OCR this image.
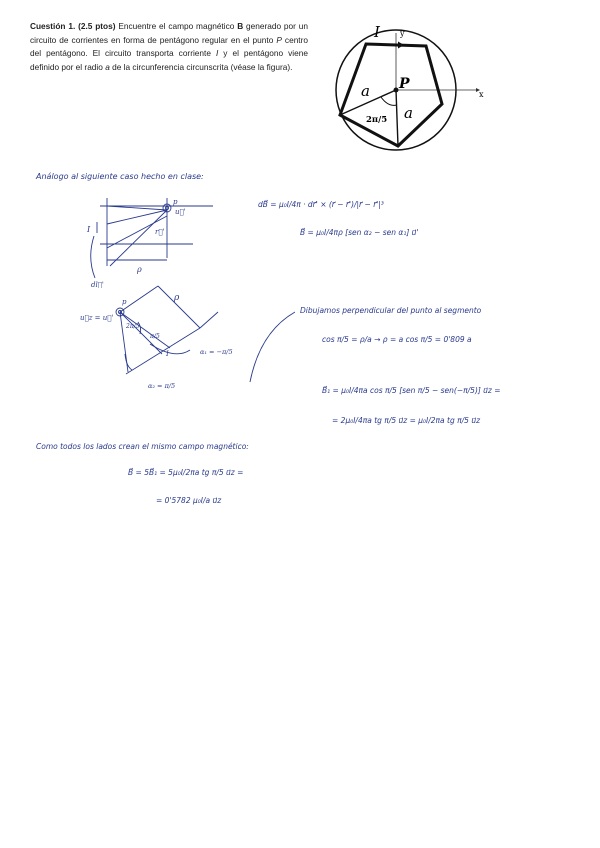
Cuestión 1. (2.5 ptos) Encuentre el campo magnético B generado por un circuito de corrientes en forma de pentágono regular en el punto P centro del pentágono. El circuito transporta corriente I y el pentágono viene definido por el radio a de la circunferencia circunscrita (véase la figura).
I	y
x
P
a
a
2π/5
Análogo al siguiente caso hecho en clase:
I
ρ
u⃗'
r⃗'
p
dl⃗'
dB⃗ = μ₀I/4π · dr⃗' × (r⃗ − r⃗')/|r⃗ − r⃗'|³
B⃗ = μ₀I/4πρ [sen α₂ − sen α₁] u⃗'
u⃗z = u⃗'
p	ρ
2π/5
π/5
I	α₁ = −π/5
α₂ = π/5
Dibujamos perpendicular del punto al segmento
cos π/5 = ρ/a → ρ = a cos π/5 = 0'809 a
B⃗₁ = μ₀I/4πa cos π/5 [sen π/5 − sen(−π/5)] u⃗z =
= 2μ₀I/4πa tg π/5 u⃗z = μ₀I/2πa tg π/5 u⃗z
Como todos los lados crean el mismo campo magnético:
B⃗ = 5B⃗₁ = 5μ₀I/2πa tg π/5 u⃗z =
= 0'5782 μ₀I/a u⃗z
